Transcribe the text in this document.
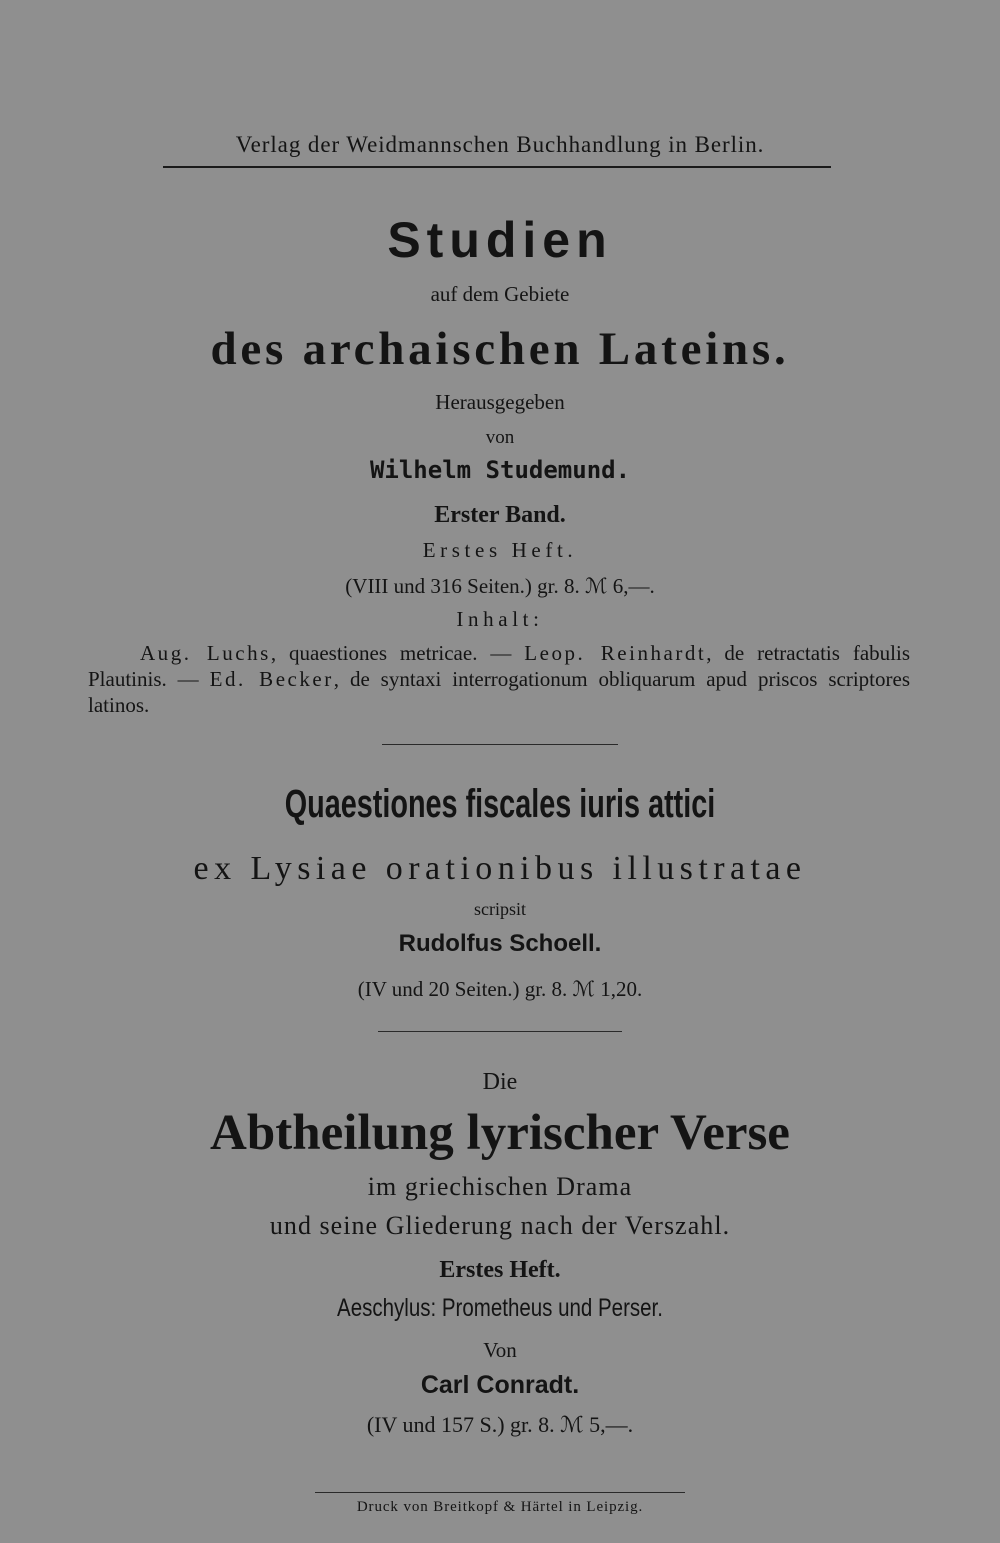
Verlag der Weidmannschen Buchhandlung in Berlin.
Studien
auf dem Gebiete
des archaischen Lateins.
Herausgegeben
von
Wilhelm Studemund.
Erster Band.
Erstes Heft.
(VIII und 316 Seiten.) gr. 8. ℳ 6,—.
Inhalt:
Aug. Luchs, quaestiones metricae. — Leop. Reinhardt, de retractatis fabulis Plautinis. — Ed. Becker, de syntaxi interrogationum obliquarum apud priscos scriptores latinos.
Quaestiones fiscales iuris attici
ex Lysiae orationibus illustratae
scripsit
Rudolfus Schoell.
(IV und 20 Seiten.) gr. 8. ℳ 1,20.
Die
Abtheilung lyrischer Verse
im griechischen Drama
und seine Gliederung nach der Verszahl.
Erstes Heft.
Aeschylus: Prometheus und Perser.
Von
Carl Conradt.
(IV und 157 S.) gr. 8. ℳ 5,—.
Druck von Breitkopf & Härtel in Leipzig.
